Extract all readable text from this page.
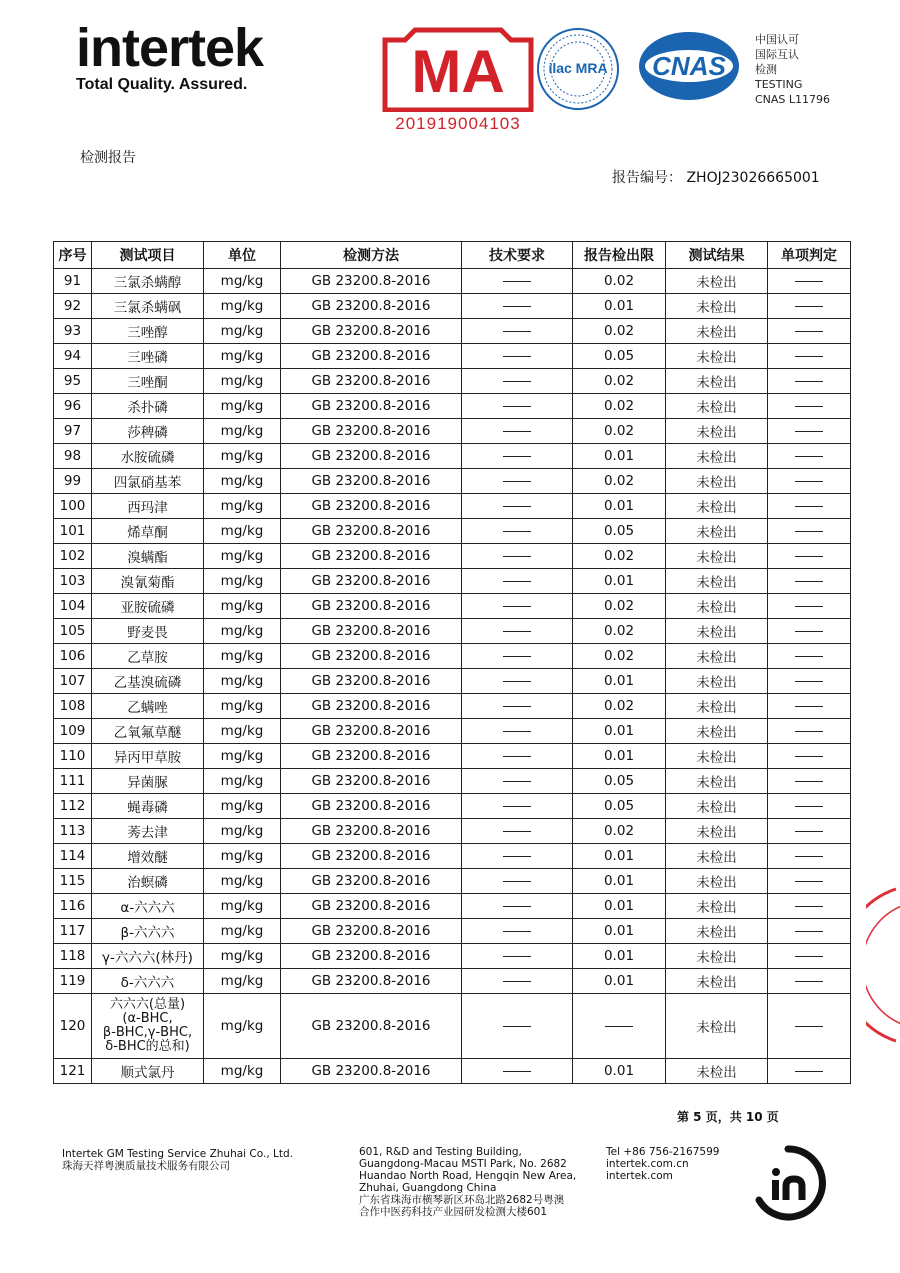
intertek
Total Quality. Assured.	MA
201919004103
ilac MRA CNAS
中国认可
国际互认
检测
TESTING
CNAS L11796
检测报告
报告编号： ZHOJ23026665001
序号	测试项目	单位	检测方法	技术要求	报告检出限	测试结果	单项判定
91	三氯杀螨醇	mg/kg	GB 23200.8-2016		0.02	未检出	
92	三氯杀螨砜	mg/kg	GB 23200.8-2016		0.01	未检出	
93	三唑醇	mg/kg	GB 23200.8-2016		0.02	未检出	
94	三唑磷	mg/kg	GB 23200.8-2016		0.05	未检出	
95	三唑酮	mg/kg	GB 23200.8-2016		0.02	未检出	
96	杀扑磷	mg/kg	GB 23200.8-2016		0.02	未检出	
97	莎稗磷	mg/kg	GB 23200.8-2016		0.02	未检出	
98	水胺硫磷	mg/kg	GB 23200.8-2016		0.01	未检出	
99	四氯硝基苯	mg/kg	GB 23200.8-2016		0.02	未检出	
100	西玛津	mg/kg	GB 23200.8-2016		0.01	未检出	
101	烯草酮	mg/kg	GB 23200.8-2016		0.05	未检出	
102	溴螨酯	mg/kg	GB 23200.8-2016		0.02	未检出	
103	溴氰菊酯	mg/kg	GB 23200.8-2016		0.01	未检出	
104	亚胺硫磷	mg/kg	GB 23200.8-2016		0.02	未检出	
105	野麦畏	mg/kg	GB 23200.8-2016		0.02	未检出	
106	乙草胺	mg/kg	GB 23200.8-2016		0.02	未检出	
107	乙基溴硫磷	mg/kg	GB 23200.8-2016		0.01	未检出	
108	乙螨唑	mg/kg	GB 23200.8-2016		0.02	未检出	
109	乙氧氟草醚	mg/kg	GB 23200.8-2016		0.01	未检出	
110	异丙甲草胺	mg/kg	GB 23200.8-2016		0.01	未检出	
111	异菌脲	mg/kg	GB 23200.8-2016		0.05	未检出	
112	蝇毒磷	mg/kg	GB 23200.8-2016		0.05	未检出	
113	莠去津	mg/kg	GB 23200.8-2016		0.02	未检出	
114	增效醚	mg/kg	GB 23200.8-2016		0.01	未检出	
115	治螟磷	mg/kg	GB 23200.8-2016		0.01	未检出	
116	α-六六六	mg/kg	GB 23200.8-2016		0.01	未检出	
117	β-六六六	mg/kg	GB 23200.8-2016		0.01	未检出	
118	γ-六六六(林丹)	mg/kg	GB 23200.8-2016		0.01	未检出	
119	δ-六六六	mg/kg	GB 23200.8-2016		0.01	未检出	
120	六六六(总量)
(α-BHC,
β-BHC,γ-BHC,
δ-BHC的总和)	mg/kg	GB 23200.8-2016			未检出	
121	顺式氯丹	mg/kg	GB 23200.8-2016		0.01	未检出	
第 5 页，共 10 页
Intertek GM Testing Service Zhuhai Co., Ltd.
珠海天祥粤澳质量技术服务有限公司
601, R&D and Testing Building,
Guangdong-Macau MSTI Park, No. 2682
Huandao North Road, Hengqin New Area,
Zhuhai, Guangdong China
广东省珠海市横琴新区环岛北路2682号粤澳
合作中医药科技产业园研发检测大楼601
Tel +86 756-2167599
intertek.com.cn
intertek.com
